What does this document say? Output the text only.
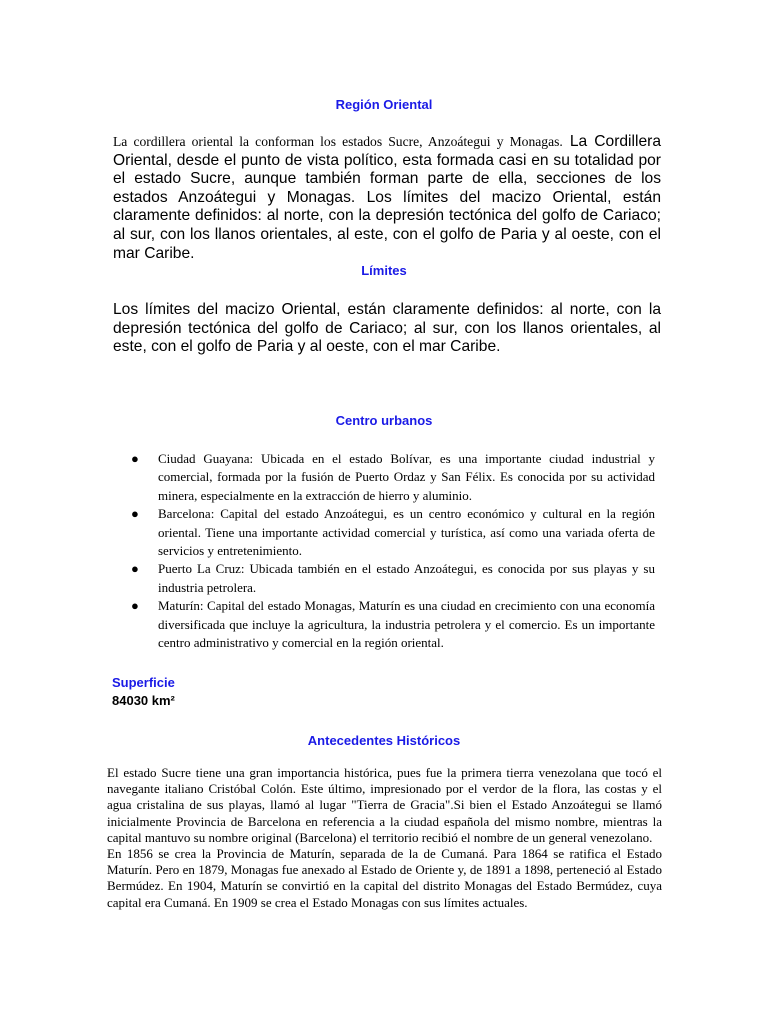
Región Oriental
La cordillera oriental la conforman los estados Sucre, Anzoátegui y Monagas. La Cordillera Oriental, desde el punto de vista político, esta formada casi en su totalidad por el estado Sucre, aunque también forman parte de ella, secciones de los estados Anzoátegui y Monagas. Los límites del macizo Oriental, están claramente definidos: al norte, con la depresión tectónica del golfo de Cariaco; al sur, con los llanos orientales, al este, con el golfo de Paria y al oeste, con el mar Caribe.
Límites
Los límites del macizo Oriental, están claramente definidos: al norte, con la depresión tectónica del golfo de Cariaco; al sur, con los llanos orientales, al este, con el golfo de Paria y al oeste, con el mar Caribe.
Centro urbanos
● Ciudad Guayana: Ubicada en el estado Bolívar, es una importante ciudad industrial y comercial, formada por la fusión de Puerto Ordaz y San Félix. Es conocida por su actividad minera, especialmente en la extracción de hierro y aluminio.
● Barcelona: Capital del estado Anzoátegui, es un centro económico y cultural en la región oriental. Tiene una importante actividad comercial y turística, así como una variada oferta de servicios y entretenimiento.
● Puerto La Cruz: Ubicada también en el estado Anzoátegui, es conocida por sus playas y su industria petrolera.
● Maturín: Capital del estado Monagas, Maturín es una ciudad en crecimiento con una economía diversificada que incluye la agricultura, la industria petrolera y el comercio. Es un importante centro administrativo y comercial en la región oriental.
Superficie
84030 km²
Antecedentes Históricos
El estado Sucre tiene una gran importancia histórica, pues fue la primera tierra venezolana que tocó el navegante italiano Cristóbal Colón. Este último, impresionado por el verdor de la flora, las costas y el agua cristalina de sus playas, llamó al lugar "Tierra de Gracia".Si bien el Estado Anzoátegui se llamó inicialmente Provincia de Barcelona en referencia a la ciudad española del mismo nombre, mientras la capital mantuvo su nombre original (Barcelona) el territorio recibió el nombre de un general venezolano.
En 1856 se crea la Provincia de Maturín, separada de la de Cumaná. Para 1864 se ratifica el Estado Maturín. Pero en 1879, Monagas fue anexado al Estado de Oriente y, de 1891 a 1898, perteneció al Estado Bermúdez. En 1904, Maturín se convirtió en la capital del distrito Monagas del Estado Bermúdez, cuya capital era Cumaná. En 1909 se crea el Estado Monagas con sus límites actuales.
